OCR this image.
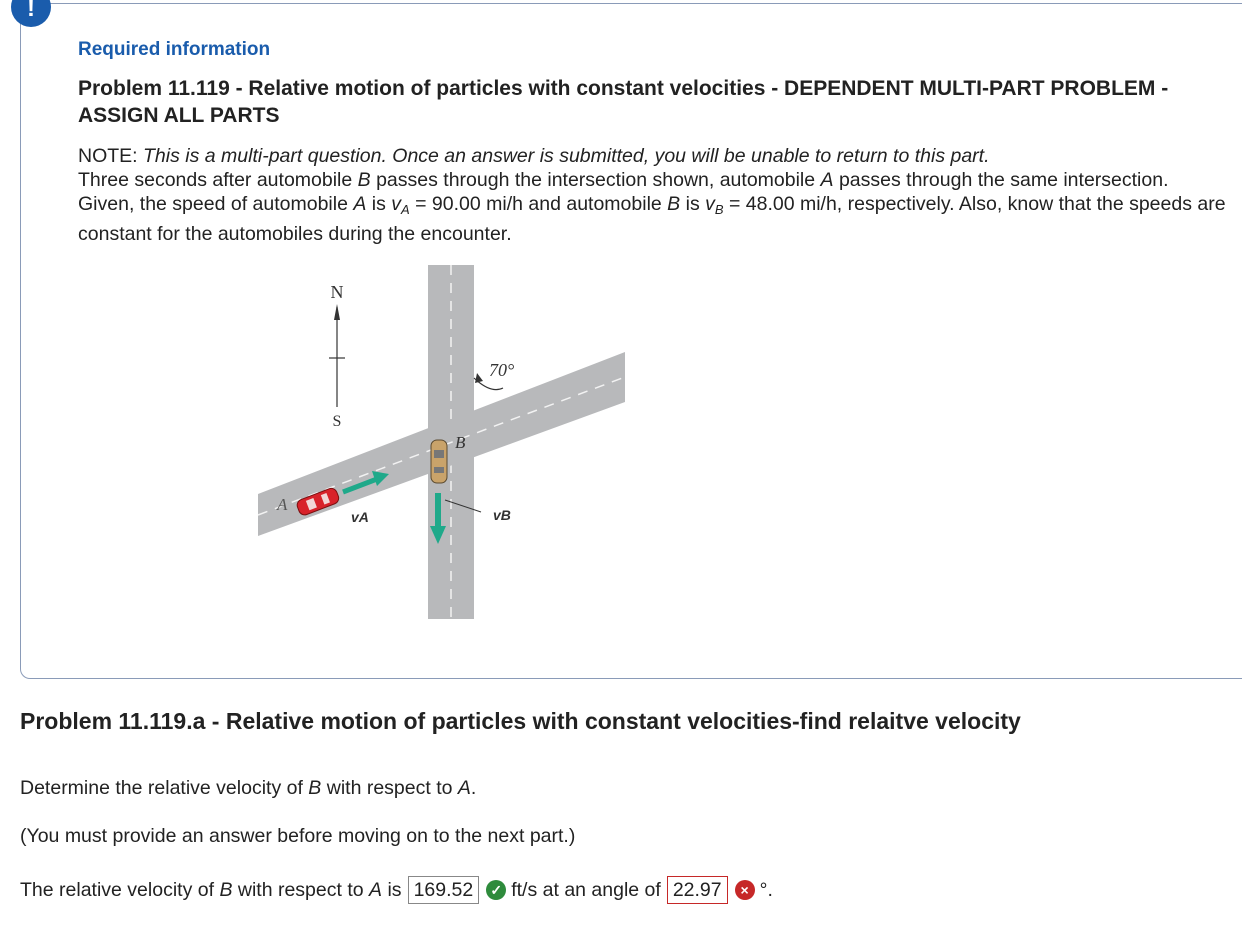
!
Required information
Problem 11.119 - Relative motion of particles with constant velocities - DEPENDENT MULTI-PART PROBLEM - ASSIGN ALL PARTS
NOTE: This is a multi-part question. Once an answer is submitted, you will be unable to return to this part.
Three seconds after automobile B passes through the intersection shown, automobile A passes through the same intersection. Given, the speed of automobile A is $v_A = 90.00$ mi/h and automobile B is $v_B = 48.00$ mi/h, respectively. Also, know that the speeds are constant for the automobiles during the encounter.
N
S
70°
B
vB
A
vA
Problem 11.119.a - Relative motion of particles with constant velocities-find relaitve velocity
Determine the relative velocity of B with respect to A.
(You must provide an answer before moving on to the next part.)
The relative velocity of
B
with respect to
A
is 169.52	✓ ft/s at an angle of 22.97	× °.
